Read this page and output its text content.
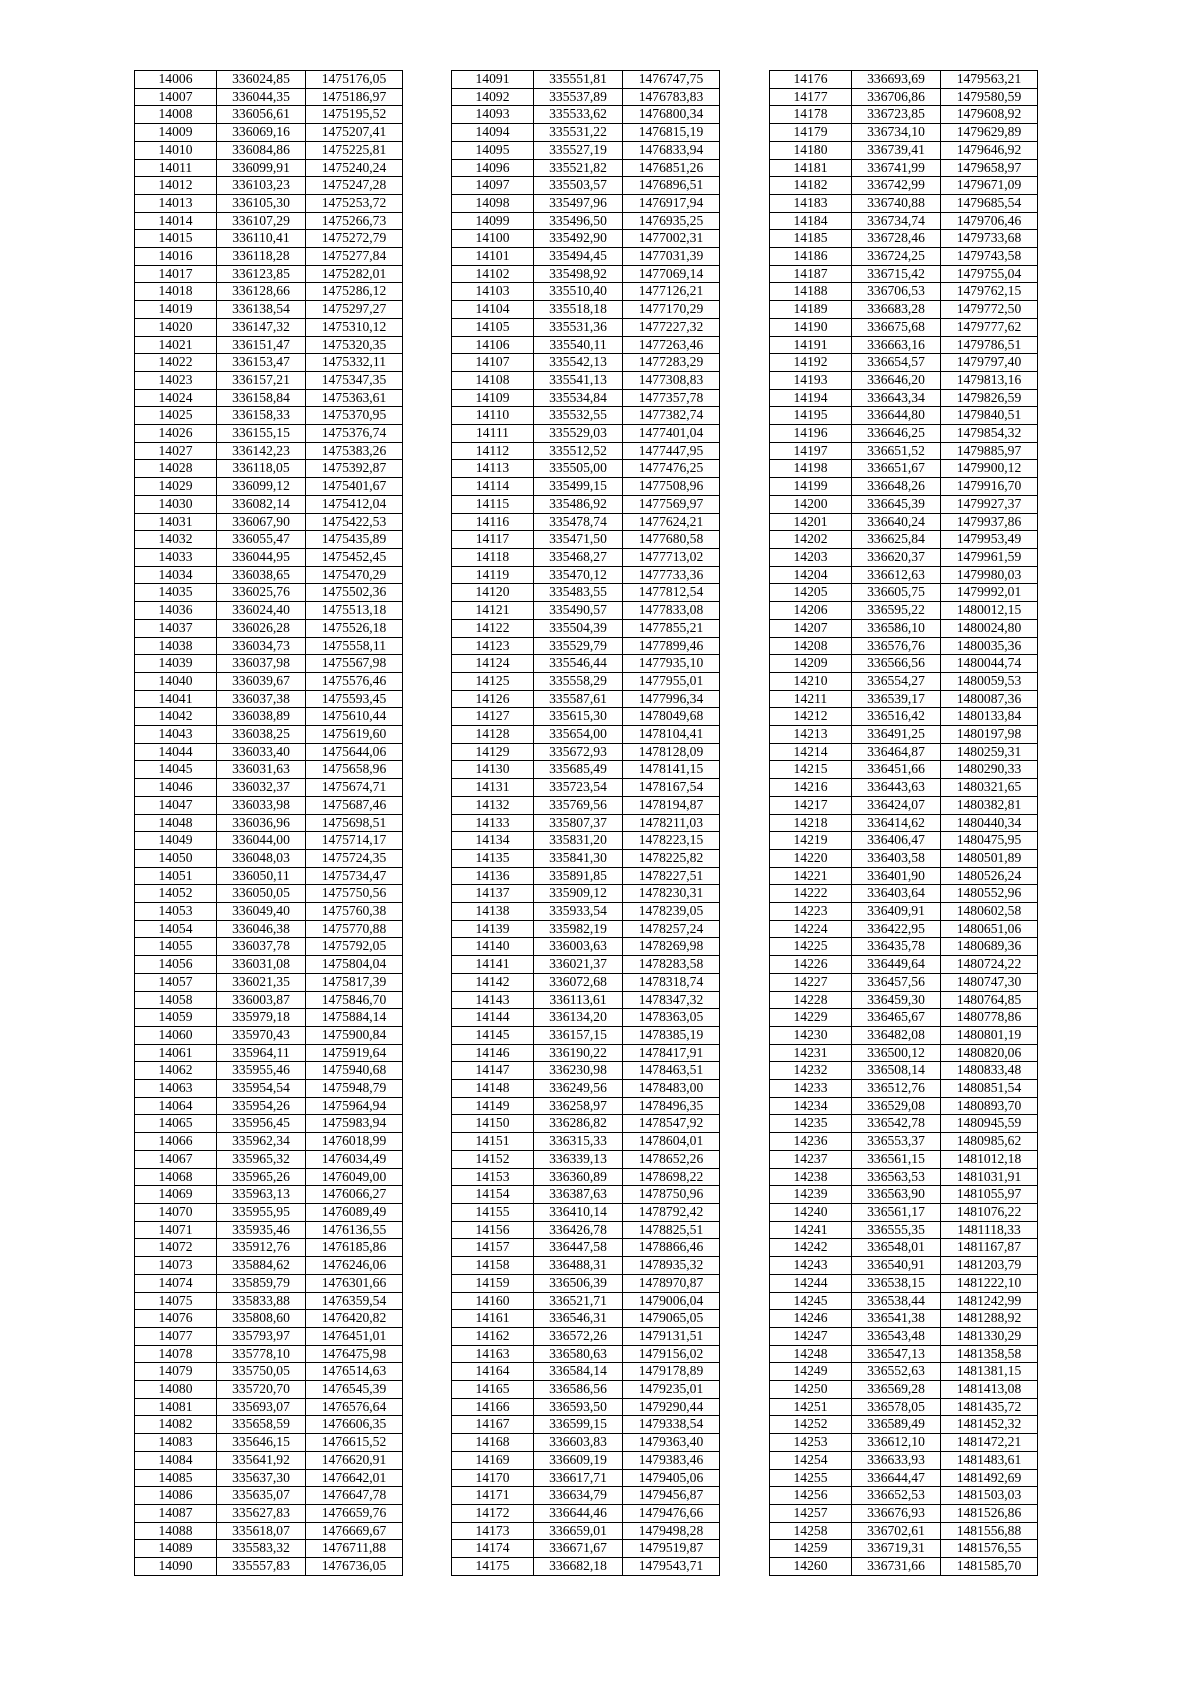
14006	336024,85	1475176,05
14007	336044,35	1475186,97
14008	336056,61	1475195,52
14009	336069,16	1475207,41
14010	336084,86	1475225,81
14011	336099,91	1475240,24
14012	336103,23	1475247,28
14013	336105,30	1475253,72
14014	336107,29	1475266,73
14015	336110,41	1475272,79
14016	336118,28	1475277,84
14017	336123,85	1475282,01
14018	336128,66	1475286,12
14019	336138,54	1475297,27
14020	336147,32	1475310,12
14021	336151,47	1475320,35
14022	336153,47	1475332,11
14023	336157,21	1475347,35
14024	336158,84	1475363,61
14025	336158,33	1475370,95
14026	336155,15	1475376,74
14027	336142,23	1475383,26
14028	336118,05	1475392,87
14029	336099,12	1475401,67
14030	336082,14	1475412,04
14031	336067,90	1475422,53
14032	336055,47	1475435,89
14033	336044,95	1475452,45
14034	336038,65	1475470,29
14035	336025,76	1475502,36
14036	336024,40	1475513,18
14037	336026,28	1475526,18
14038	336034,73	1475558,11
14039	336037,98	1475567,98
14040	336039,67	1475576,46
14041	336037,38	1475593,45
14042	336038,89	1475610,44
14043	336038,25	1475619,60
14044	336033,40	1475644,06
14045	336031,63	1475658,96
14046	336032,37	1475674,71
14047	336033,98	1475687,46
14048	336036,96	1475698,51
14049	336044,00	1475714,17
14050	336048,03	1475724,35
14051	336050,11	1475734,47
14052	336050,05	1475750,56
14053	336049,40	1475760,38
14054	336046,38	1475770,88
14055	336037,78	1475792,05
14056	336031,08	1475804,04
14057	336021,35	1475817,39
14058	336003,87	1475846,70
14059	335979,18	1475884,14
14060	335970,43	1475900,84
14061	335964,11	1475919,64
14062	335955,46	1475940,68
14063	335954,54	1475948,79
14064	335954,26	1475964,94
14065	335956,45	1475983,94
14066	335962,34	1476018,99
14067	335965,32	1476034,49
14068	335965,26	1476049,00
14069	335963,13	1476066,27
14070	335955,95	1476089,49
14071	335935,46	1476136,55
14072	335912,76	1476185,86
14073	335884,62	1476246,06
14074	335859,79	1476301,66
14075	335833,88	1476359,54
14076	335808,60	1476420,82
14077	335793,97	1476451,01
14078	335778,10	1476475,98
14079	335750,05	1476514,63
14080	335720,70	1476545,39
14081	335693,07	1476576,64
14082	335658,59	1476606,35
14083	335646,15	1476615,52
14084	335641,92	1476620,91
14085	335637,30	1476642,01
14086	335635,07	1476647,78
14087	335627,83	1476659,76
14088	335618,07	1476669,67
14089	335583,32	1476711,88
14090	335557,83	1476736,05
14091	335551,81	1476747,75
14092	335537,89	1476783,83
14093	335533,62	1476800,34
14094	335531,22	1476815,19
14095	335527,19	1476833,94
14096	335521,82	1476851,26
14097	335503,57	1476896,51
14098	335497,96	1476917,94
14099	335496,50	1476935,25
14100	335492,90	1477002,31
14101	335494,45	1477031,39
14102	335498,92	1477069,14
14103	335510,40	1477126,21
14104	335518,18	1477170,29
14105	335531,36	1477227,32
14106	335540,11	1477263,46
14107	335542,13	1477283,29
14108	335541,13	1477308,83
14109	335534,84	1477357,78
14110	335532,55	1477382,74
14111	335529,03	1477401,04
14112	335512,52	1477447,95
14113	335505,00	1477476,25
14114	335499,15	1477508,96
14115	335486,92	1477569,97
14116	335478,74	1477624,21
14117	335471,50	1477680,58
14118	335468,27	1477713,02
14119	335470,12	1477733,36
14120	335483,55	1477812,54
14121	335490,57	1477833,08
14122	335504,39	1477855,21
14123	335529,79	1477899,46
14124	335546,44	1477935,10
14125	335558,29	1477955,01
14126	335587,61	1477996,34
14127	335615,30	1478049,68
14128	335654,00	1478104,41
14129	335672,93	1478128,09
14130	335685,49	1478141,15
14131	335723,54	1478167,54
14132	335769,56	1478194,87
14133	335807,37	1478211,03
14134	335831,20	1478223,15
14135	335841,30	1478225,82
14136	335891,85	1478227,51
14137	335909,12	1478230,31
14138	335933,54	1478239,05
14139	335982,19	1478257,24
14140	336003,63	1478269,98
14141	336021,37	1478283,58
14142	336072,68	1478318,74
14143	336113,61	1478347,32
14144	336134,20	1478363,05
14145	336157,15	1478385,19
14146	336190,22	1478417,91
14147	336230,98	1478463,51
14148	336249,56	1478483,00
14149	336258,97	1478496,35
14150	336286,82	1478547,92
14151	336315,33	1478604,01
14152	336339,13	1478652,26
14153	336360,89	1478698,22
14154	336387,63	1478750,96
14155	336410,14	1478792,42
14156	336426,78	1478825,51
14157	336447,58	1478866,46
14158	336488,31	1478935,32
14159	336506,39	1478970,87
14160	336521,71	1479006,04
14161	336546,31	1479065,05
14162	336572,26	1479131,51
14163	336580,63	1479156,02
14164	336584,14	1479178,89
14165	336586,56	1479235,01
14166	336593,50	1479290,44
14167	336599,15	1479338,54
14168	336603,83	1479363,40
14169	336609,19	1479383,46
14170	336617,71	1479405,06
14171	336634,79	1479456,87
14172	336644,46	1479476,66
14173	336659,01	1479498,28
14174	336671,67	1479519,87
14175	336682,18	1479543,71
14176	336693,69	1479563,21
14177	336706,86	1479580,59
14178	336723,85	1479608,92
14179	336734,10	1479629,89
14180	336739,41	1479646,92
14181	336741,99	1479658,97
14182	336742,99	1479671,09
14183	336740,88	1479685,54
14184	336734,74	1479706,46
14185	336728,46	1479733,68
14186	336724,25	1479743,58
14187	336715,42	1479755,04
14188	336706,53	1479762,15
14189	336683,28	1479772,50
14190	336675,68	1479777,62
14191	336663,16	1479786,51
14192	336654,57	1479797,40
14193	336646,20	1479813,16
14194	336643,34	1479826,59
14195	336644,80	1479840,51
14196	336646,25	1479854,32
14197	336651,52	1479885,97
14198	336651,67	1479900,12
14199	336648,26	1479916,70
14200	336645,39	1479927,37
14201	336640,24	1479937,86
14202	336625,84	1479953,49
14203	336620,37	1479961,59
14204	336612,63	1479980,03
14205	336605,75	1479992,01
14206	336595,22	1480012,15
14207	336586,10	1480024,80
14208	336576,76	1480035,36
14209	336566,56	1480044,74
14210	336554,27	1480059,53
14211	336539,17	1480087,36
14212	336516,42	1480133,84
14213	336491,25	1480197,98
14214	336464,87	1480259,31
14215	336451,66	1480290,33
14216	336443,63	1480321,65
14217	336424,07	1480382,81
14218	336414,62	1480440,34
14219	336406,47	1480475,95
14220	336403,58	1480501,89
14221	336401,90	1480526,24
14222	336403,64	1480552,96
14223	336409,91	1480602,58
14224	336422,95	1480651,06
14225	336435,78	1480689,36
14226	336449,64	1480724,22
14227	336457,56	1480747,30
14228	336459,30	1480764,85
14229	336465,67	1480778,86
14230	336482,08	1480801,19
14231	336500,12	1480820,06
14232	336508,14	1480833,48
14233	336512,76	1480851,54
14234	336529,08	1480893,70
14235	336542,78	1480945,59
14236	336553,37	1480985,62
14237	336561,15	1481012,18
14238	336563,53	1481031,91
14239	336563,90	1481055,97
14240	336561,17	1481076,22
14241	336555,35	1481118,33
14242	336548,01	1481167,87
14243	336540,91	1481203,79
14244	336538,15	1481222,10
14245	336538,44	1481242,99
14246	336541,38	1481288,92
14247	336543,48	1481330,29
14248	336547,13	1481358,58
14249	336552,63	1481381,15
14250	336569,28	1481413,08
14251	336578,05	1481435,72
14252	336589,49	1481452,32
14253	336612,10	1481472,21
14254	336633,93	1481483,61
14255	336644,47	1481492,69
14256	336652,53	1481503,03
14257	336676,93	1481526,86
14258	336702,61	1481556,88
14259	336719,31	1481576,55
14260	336731,66	1481585,70
